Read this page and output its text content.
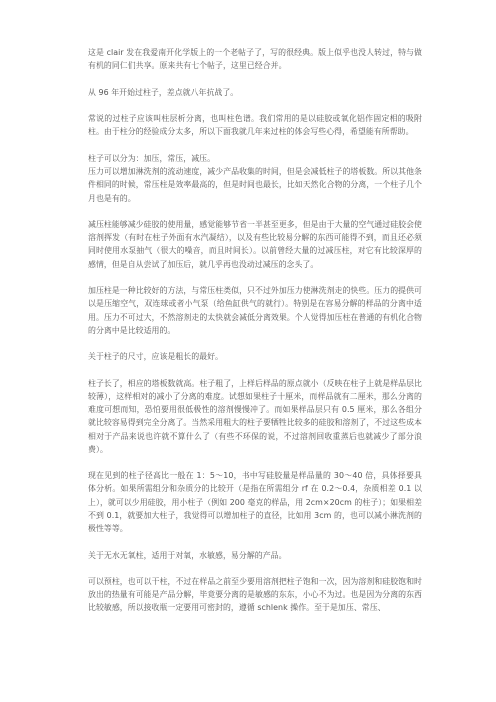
这是 clair 发在我爱南开化学版上的一个老帖子了，写的很经典。版上似乎也没人转过，特与做有机的同仁们共享。原来共有七个帖子，这里已经合并。

从 96 年开始过柱子，差点就八年抗战了。

常说的过柱子应该叫柱层析分离，也叫柱色谱。我们常用的是以硅胶或氧化铝作固定相的吸附柱。由于柱分的经验成分太多，所以下面我就几年来过柱的体会写些心得，希望能有所帮助。

柱子可以分为：加压，常压，减压。
压力可以增加淋洗剂的流动速度，减少产品收集的时间，但是会减低柱子的塔板数。所以其他条件相同的时候，常压柱是效率最高的，但是时间也最长，比如天然化合物的分离，一个柱子几个月也是有的。

减压柱能够减少硅胶的使用量，感觉能够节省一半甚至更多，但是由于大量的空气通过硅胶会使溶剂挥发（有时在柱子外面有水汽凝结），以及有些比较易分解的东西可能得不到，而且还必须同时使用水泵抽气（很大的噪音，而且时间长）。以前曾经大量的过减压柱，对它有比较深厚的感情，但是自从尝试了加压后，就几乎再也没动过减压的念头了。

加压柱是一种比较好的方法，与常压柱类似，只不过外加压力使淋洗剂走的快些。压力的提供可以是压缩空气，双连球或者小气泵（给鱼缸供气的就行）。特别是在容易分解的样品的分离中适用。压力不可过大，不然溶剂走的太快就会减低分离效果。个人觉得加压柱在普通的有机化合物的分离中是比较适用的。

关于柱子的尺寸，应该是粗长的最好。

柱子长了，相应的塔板数就高。柱子粗了，上样后样品的原点就小（反映在柱子上就是样品层比较薄），这样相对的减小了分离的难度。试想如果柱子十厘米，而样品就有二厘米，那么分离的难度可想而知，恐怕要用很低极性的溶剂慢慢冲了。而如果样品层只有 0.5 厘米，那么各组分就比较容易得到完全分离了。当然采用粗大的柱子要牺牲比较多的硅胶和溶剂了，不过这些成本相对于产品来说也许就不算什么了（有些不环保的说，不过溶剂回收重蒸后也就减少了部分浪费）。

现在见到的柱子径高比一般在 1：5～10，书中写硅胶量是样品量的 30～40 倍，具体择要具体分析。如果所需组分和杂质分的比较开（是指在所需组分 rf 在 0.2～0.4，杂质相差 0.1 以上），就可以少用硅胶，用小柱子（例如 200 毫克的样品，用 2cm×20cm 的柱子）；如果相差不到 0.1，就要加大柱子，我觉得可以增加柱子的直径，比如用 3cm 的，也可以减小淋洗剂的极性等等。

关于无水无氧柱，适用于对氧，水敏感，易分解的产品。

可以预柱，也可以干柱，不过在样品之前至少要用溶剂把柱子饱和一次，因为溶剂和硅胶饱和时放出的热量有可能是产品分解，毕竟要分离的是敏感的东东，小心不为过。也是因为分离的东西比较敏感，所以接收瓶一定要用可密封的，遵循 schlenk 操作。至于是加压、常压、
